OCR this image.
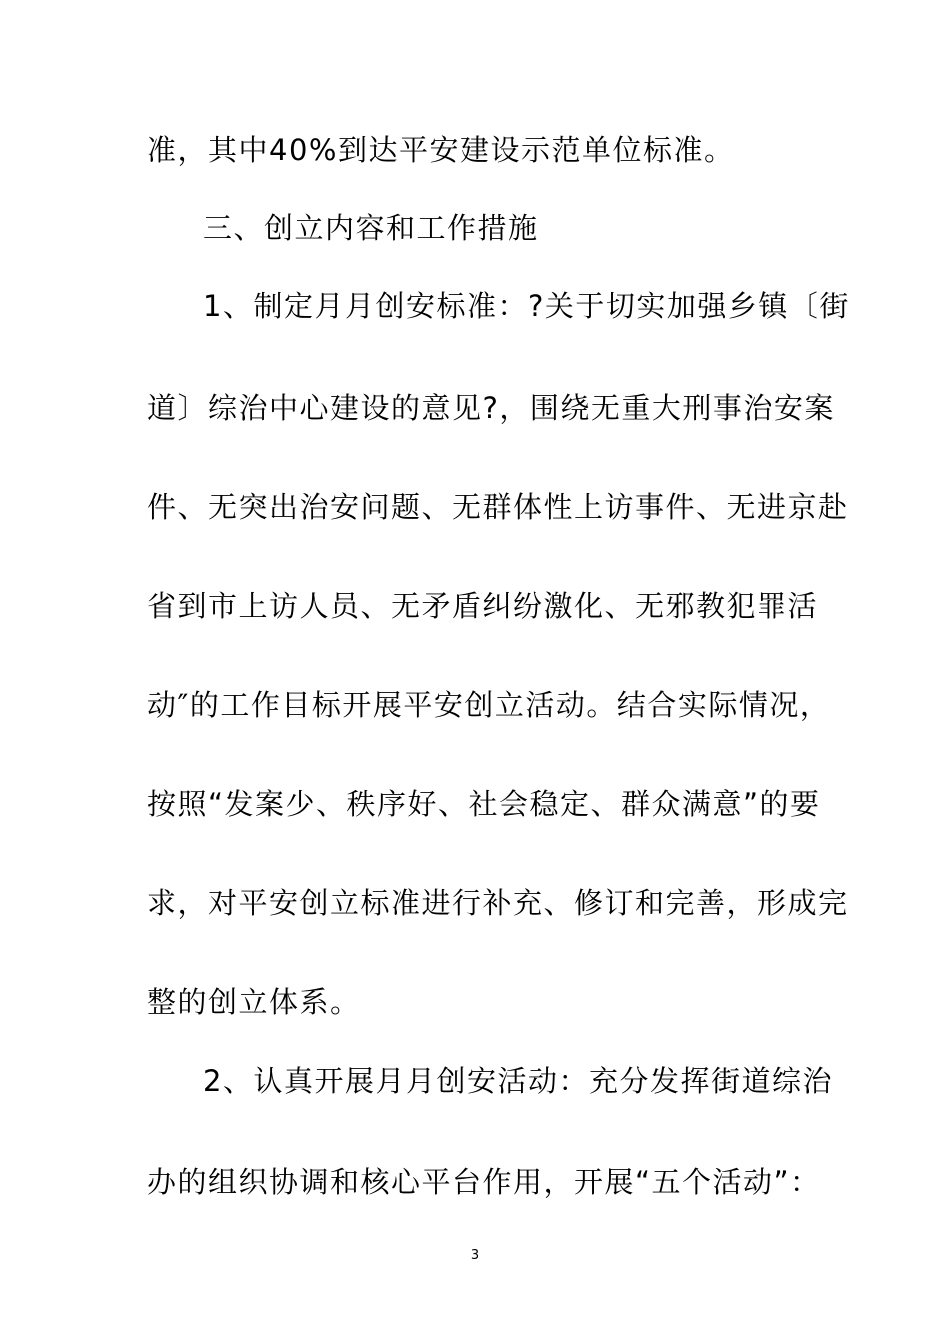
准，其中40%到达平安建设示范单位标准。
三、创立内容和工作措施
1、制定月月创安标准：?关于切实加强乡镇〔街
道〕综治中心建设的意见?，围绕无重大刑事治安案
件、无突出治安问题、无群体性上访事件、无进京赴
省到市上访人员、无矛盾纠纷激化、无邪教犯罪活
动″的工作目标开展平安创立活动。结合实际情况，
按照“发案少、秩序好、社会稳定、群众满意”的要
求，对平安创立标准进行补充、修订和完善，形成完
整的创立体系。
2、认真开展月月创安活动：充分发挥街道综治
办的组织协调和核心平台作用，开展“五个活动”：
3
